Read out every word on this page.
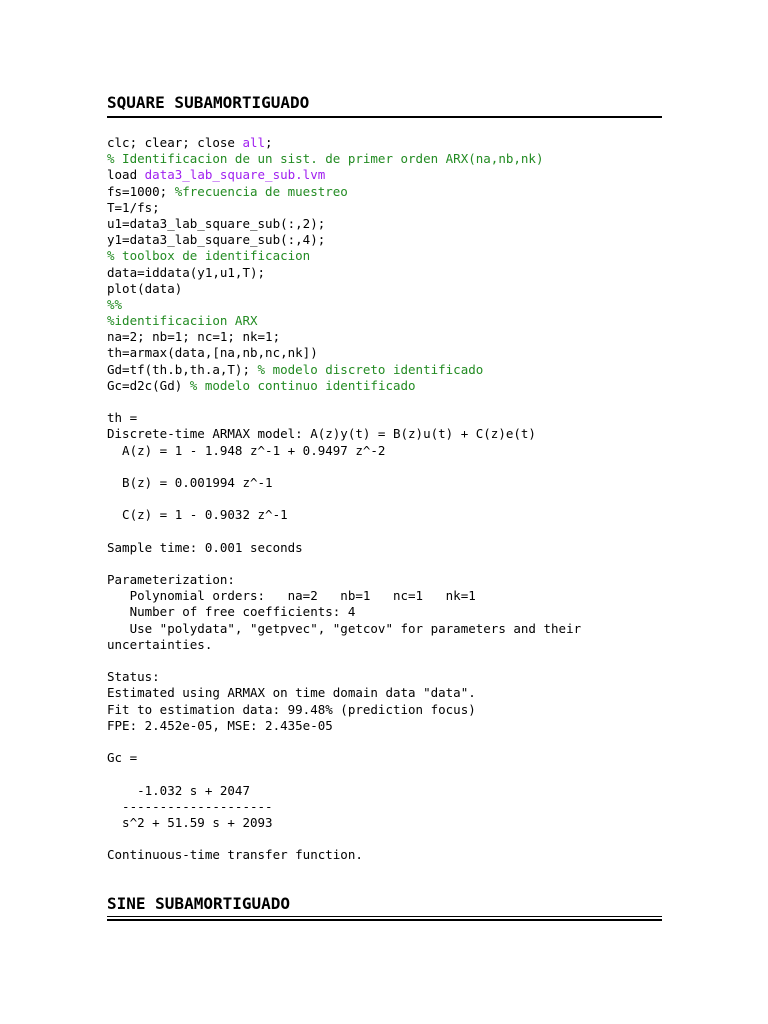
SQUARE SUBAMORTIGUADO
clc; clear; close all;
% Identificacion de un sist. de primer orden ARX(na,nb,nk)
load data3_lab_square_sub.lvm
fs=1000; %frecuencia de muestreo
T=1/fs;
u1=data3_lab_square_sub(:,2);
y1=data3_lab_square_sub(:,4);
% toolbox de identificacion
data=iddata(y1,u1,T);
plot(data)
%%
%identificaciion ARX
na=2; nb=1; nc=1; nk=1;
th=armax(data,[na,nb,nc,nk])
Gd=tf(th.b,th.a,T); % modelo discreto identificado
Gc=d2c(Gd) % modelo continuo identificado
th =
Discrete-time ARMAX model: A(z)y(t) = B(z)u(t) + C(z)e(t)
A(z) = 1 - 1.948 z^-1 + 0.9497 z^-2
B(z) = 0.001994 z^-1
C(z) = 1 - 0.9032 z^-1
Sample time: 0.001 seconds
Parameterization:
Polynomial orders:   na=2   nb=1   nc=1   nk=1
Number of free coefficients: 4
Use "polydata", "getpvec", "getcov" for parameters and their
uncertainties.
Status:
Estimated using ARMAX on time domain data "data".
Fit to estimation data: 99.48% (prediction focus)
FPE: 2.452e-05, MSE: 2.435e-05
Gc =
-1.032 s + 2047
--------------------
s^2 + 51.59 s + 2093
Continuous-time transfer function.
SINE SUBAMORTIGUADO
